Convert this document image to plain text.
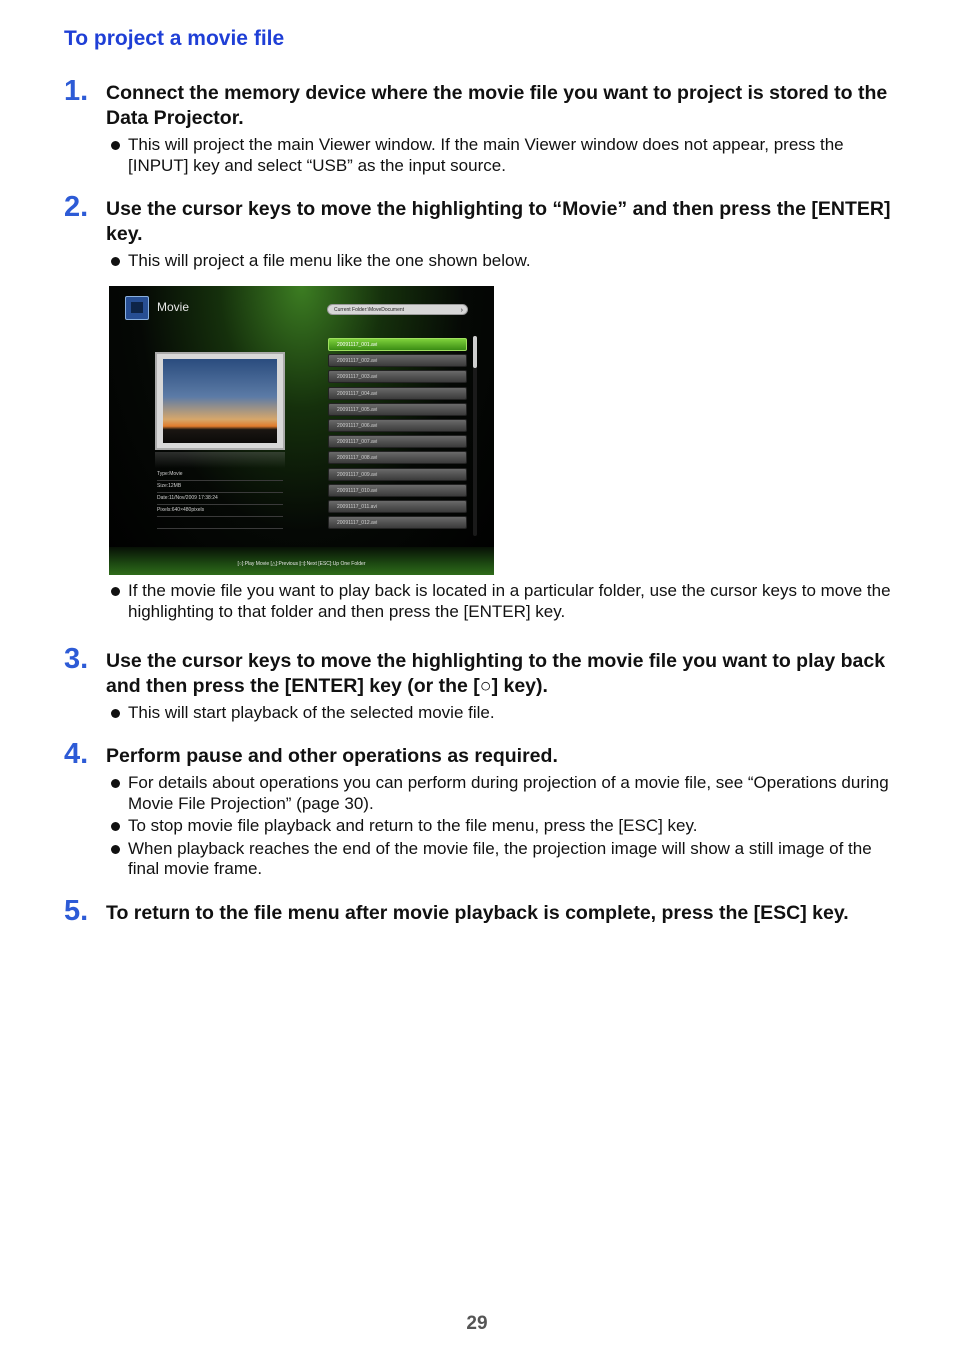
To project a movie file
1. Connect the memory device where the movie file you want to project is stored to the Data Projector.
This will project the main Viewer window. If the main Viewer window does not appear, press the [INPUT] key and select “USB” as the input source.
2. Use the cursor keys to move the highlighting to “Movie” and then press the [ENTER] key.
This will project a file menu like the one shown below.
Movie	Current Folder:\MoveDocument	›
Type:Movie
Size:12MB
Date:11/Nov/2009 17:38:24
Pixels:640×480pixels
20091117_001.avi
20091117_002.avi
20091117_003.avi
20091117_004.avi
20091117_005.avi
20091117_006.avi
20091117_007.avi
20091117_008.avi
20091117_009.avi
20091117_010.avi
20091117_011.avi
20091117_012.avi
[○]:Play Movie [△]:Previous [□]:Next [ESC]:Up One Folder
If the movie file you want to play back is located in a particular folder, use the cursor keys to move the highlighting to that folder and then press the [ENTER] key.
3. Use the cursor keys to move the highlighting to the movie file you want to play back and then press the [ENTER] key (or the [○] key).
This will start playback of the selected movie file.
4. Perform pause and other operations as required.
For details about operations you can perform during projection of a movie file, see “Operations during Movie File Projection” (page 30).
To stop movie file playback and return to the file menu, press the [ESC] key.
When playback reaches the end of the movie file, the projection image will show a still image of the final movie frame.
5. To return to the file menu after movie playback is complete, press the [ESC] key.
29
